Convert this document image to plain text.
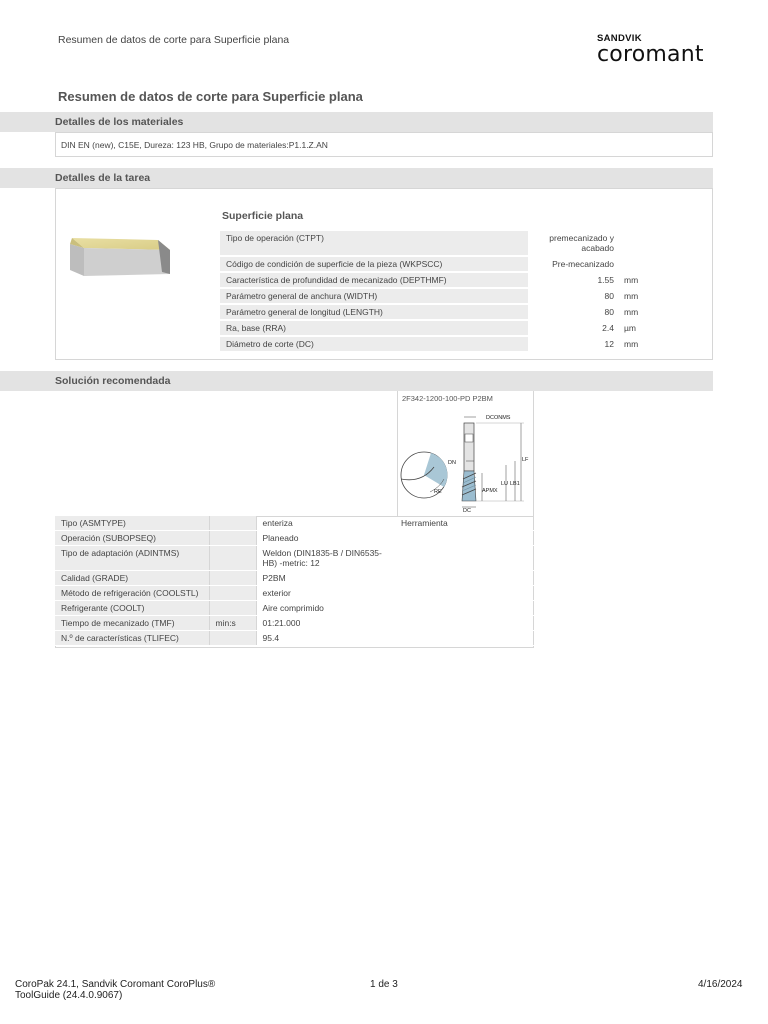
Resumen de datos de corte para Superficie plana	SANDVIK
coromant
Resumen de datos de corte para Superficie plana
Detalles de los materiales
DIN EN (new), C15E, Dureza: 123 HB, Grupo de materiales:P1.1.Z.AN
Detalles de la tarea
Superficie plana
Tipo de operación (CTPT)	premecanizado y acabado	
Código de condición de superficie de la pieza (WKPSCC)	Pre-mecanizado	
Característica de profundidad de mecanizado (DEPTHMF)	1.55	mm
Parámetro general de anchura (WIDTH)	80	mm
Parámetro general de longitud (LENGTH)	80	mm
Ra, base (RRA)	2.4	µm
Diámetro de corte (DC)	12	mm
Solución recomendada
2F342-1200-100-PD P2BM
RE
DCONMS
DN	LF
LU LB1
APMX
DC
Tipo (ASMTYPE)		enteriza	Herramienta
Operación (SUBOPSEQ)		Planeado	
Tipo de adaptación (ADINTMS)		Weldon (DIN1835-B / DIN6535-HB) -metric: 12	
Calidad (GRADE)		P2BM	
Método de refrigeración (COOLSTL)		exterior	
Refrigerante (COOLT)		Aire comprimido	
Tiempo de mecanizado (TMF)	min:s	01:21.000	
N.º de características (TLIFEC)		95.4	
CoroPak 24.1, Sandvik Coromant CoroPlus® ToolGuide (24.4.0.9067)
1 de 3	4/16/2024
